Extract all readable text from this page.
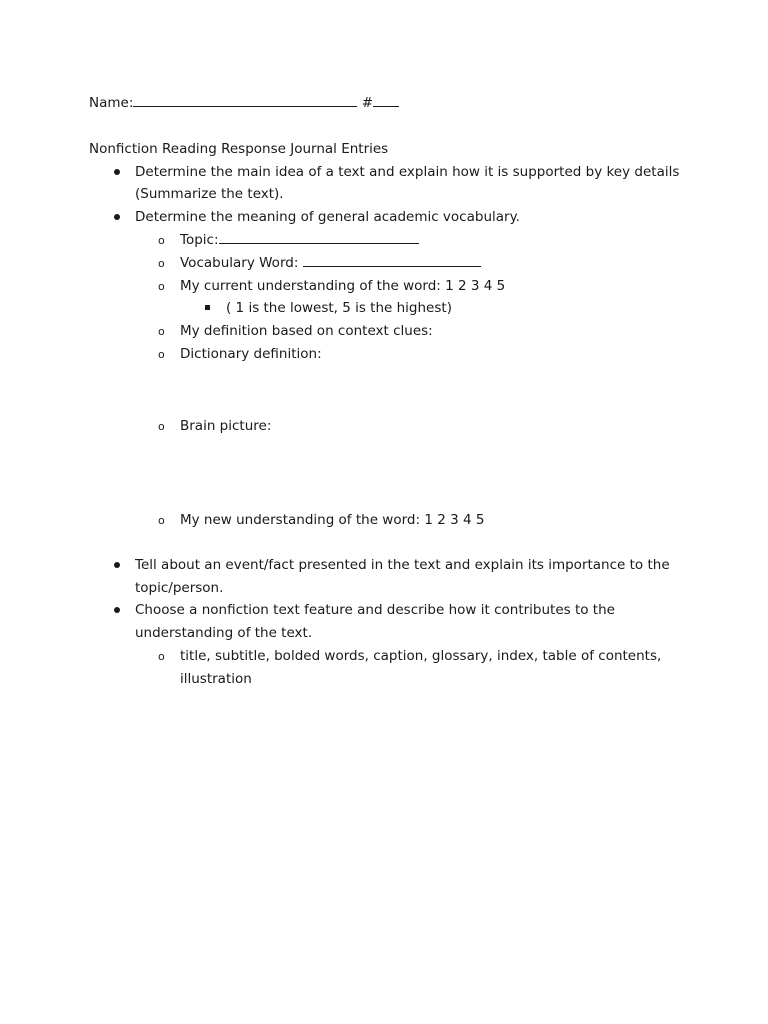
Name:	#
Nonfiction Reading Response Journal Entries
Determine the main idea of a text and explain how it is supported by key details
(Summarize the text).
Determine the meaning of general academic vocabulary.
o Topic:
o Vocabulary Word:
o My current understanding of the word: 1 2 3 4 5
( 1 is the lowest, 5 is the highest)
o My definition based on context clues:
o Dictionary definition:
o Brain picture:
o My new understanding of the word: 1 2 3 4 5
Tell about an event/fact presented in the text and explain its importance to the
topic/person.
Choose a nonfiction text feature and describe how it contributes to the
understanding of the text.
o title, subtitle, bolded words, caption, glossary, index, table of contents,
illustration
